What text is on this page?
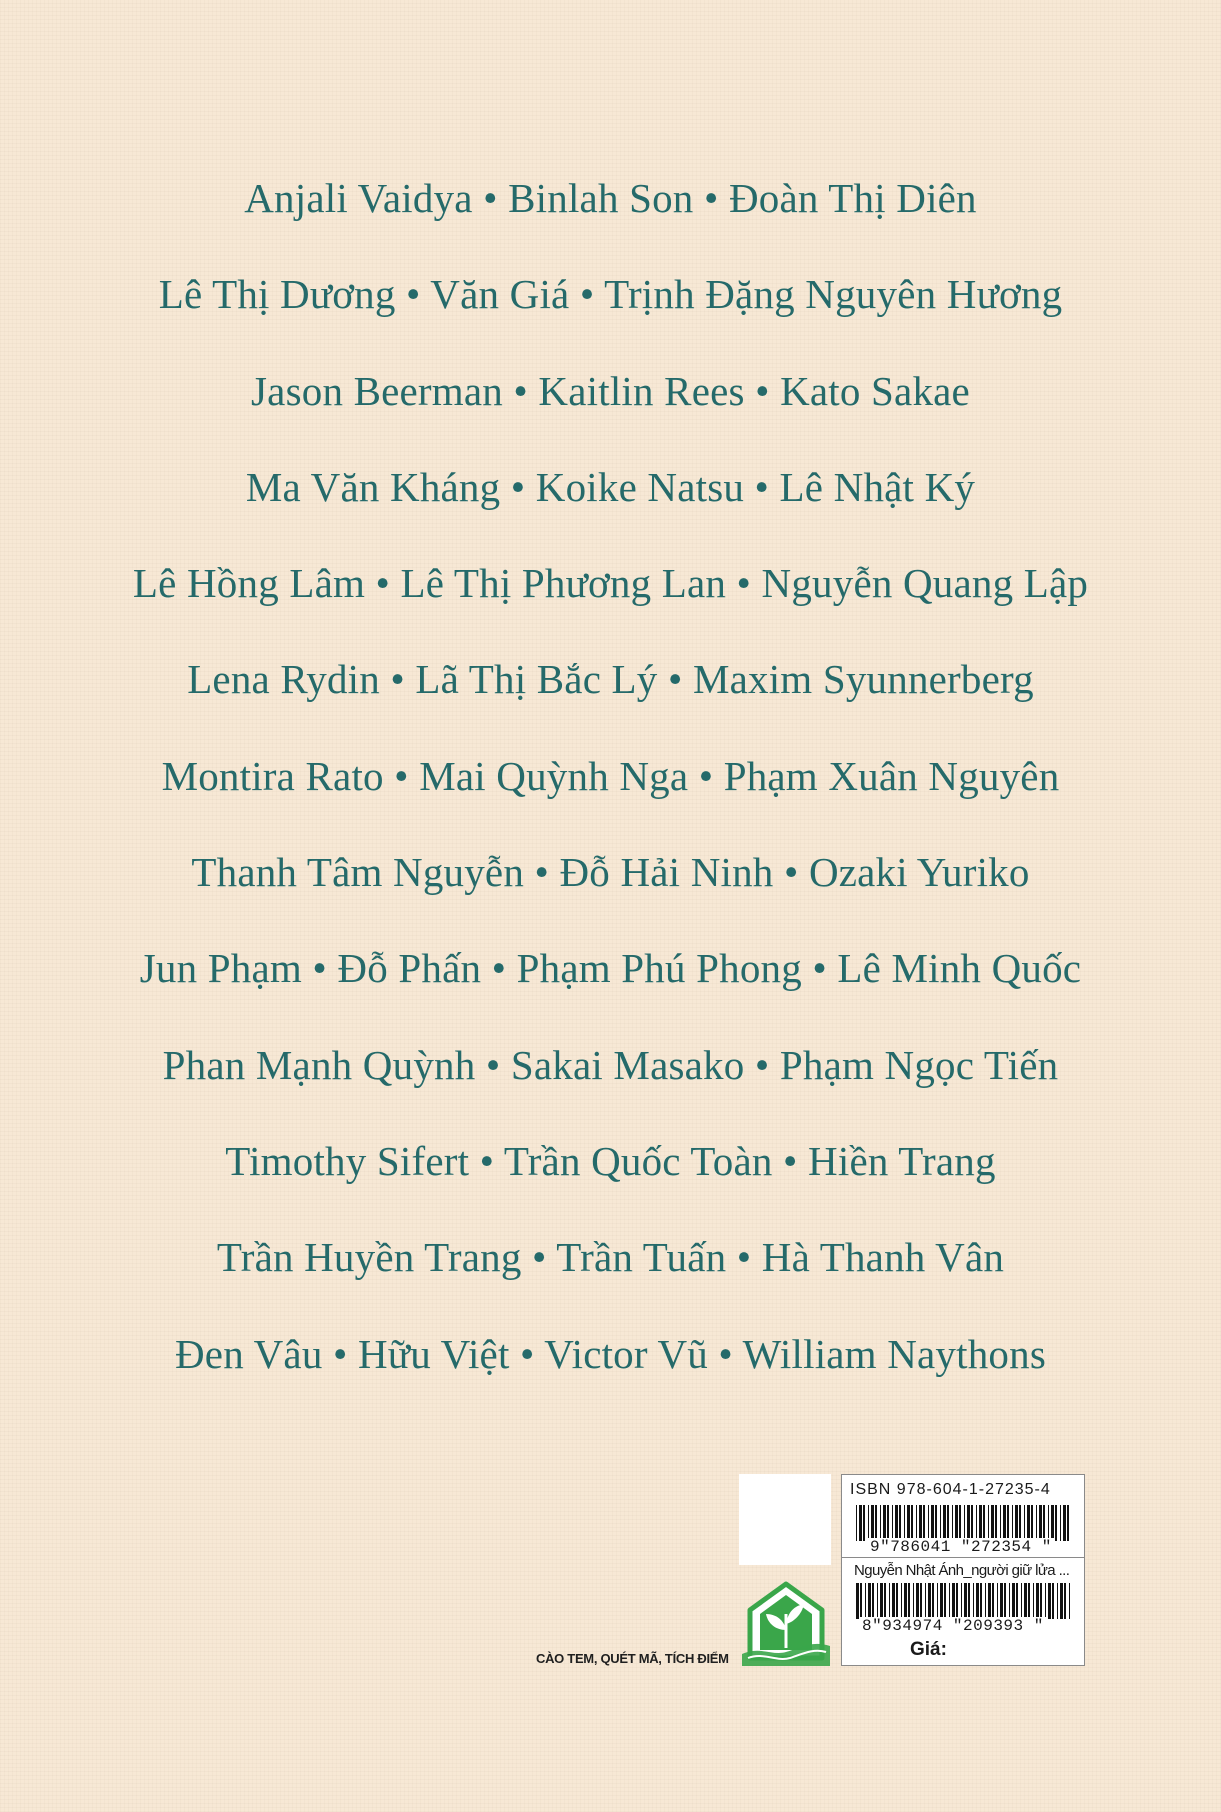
Anjali Vaidya • Binlah Son • Đoàn Thị Diên
Lê Thị Dương • Văn Giá • Trịnh Đặng Nguyên Hương
Jason Beerman • Kaitlin Rees • Kato Sakae
Ma Văn Kháng • Koike Natsu • Lê Nhật Ký
Lê Hồng Lâm • Lê Thị Phương Lan • Nguyễn Quang Lập
Lena Rydin • Lã Thị Bắc Lý • Maxim Syunnerberg
Montira Rato • Mai Quỳnh Nga • Phạm Xuân Nguyên
Thanh Tâm Nguyễn • Đỗ Hải Ninh • Ozaki Yuriko
Jun Phạm • Đỗ Phấn • Phạm Phú Phong • Lê Minh Quốc
Phan Mạnh Quỳnh • Sakai Masako • Phạm Ngọc Tiến
Timothy Sifert • Trần Quốc Toàn • Hiền Trang
Trần Huyền Trang • Trần Tuấn • Hà Thanh Vân
Đen Vâu • Hữu Việt • Victor Vũ • William Naythons
CÀO TEM, QUÉT MÃ, TÍCH ĐIỂM
ISBN 978-604-1-27235-4
9"786041 "272354 "
Nguyễn Nhật Ánh_người giữ lửa ...
8"934974 "209393 "
Giá:
